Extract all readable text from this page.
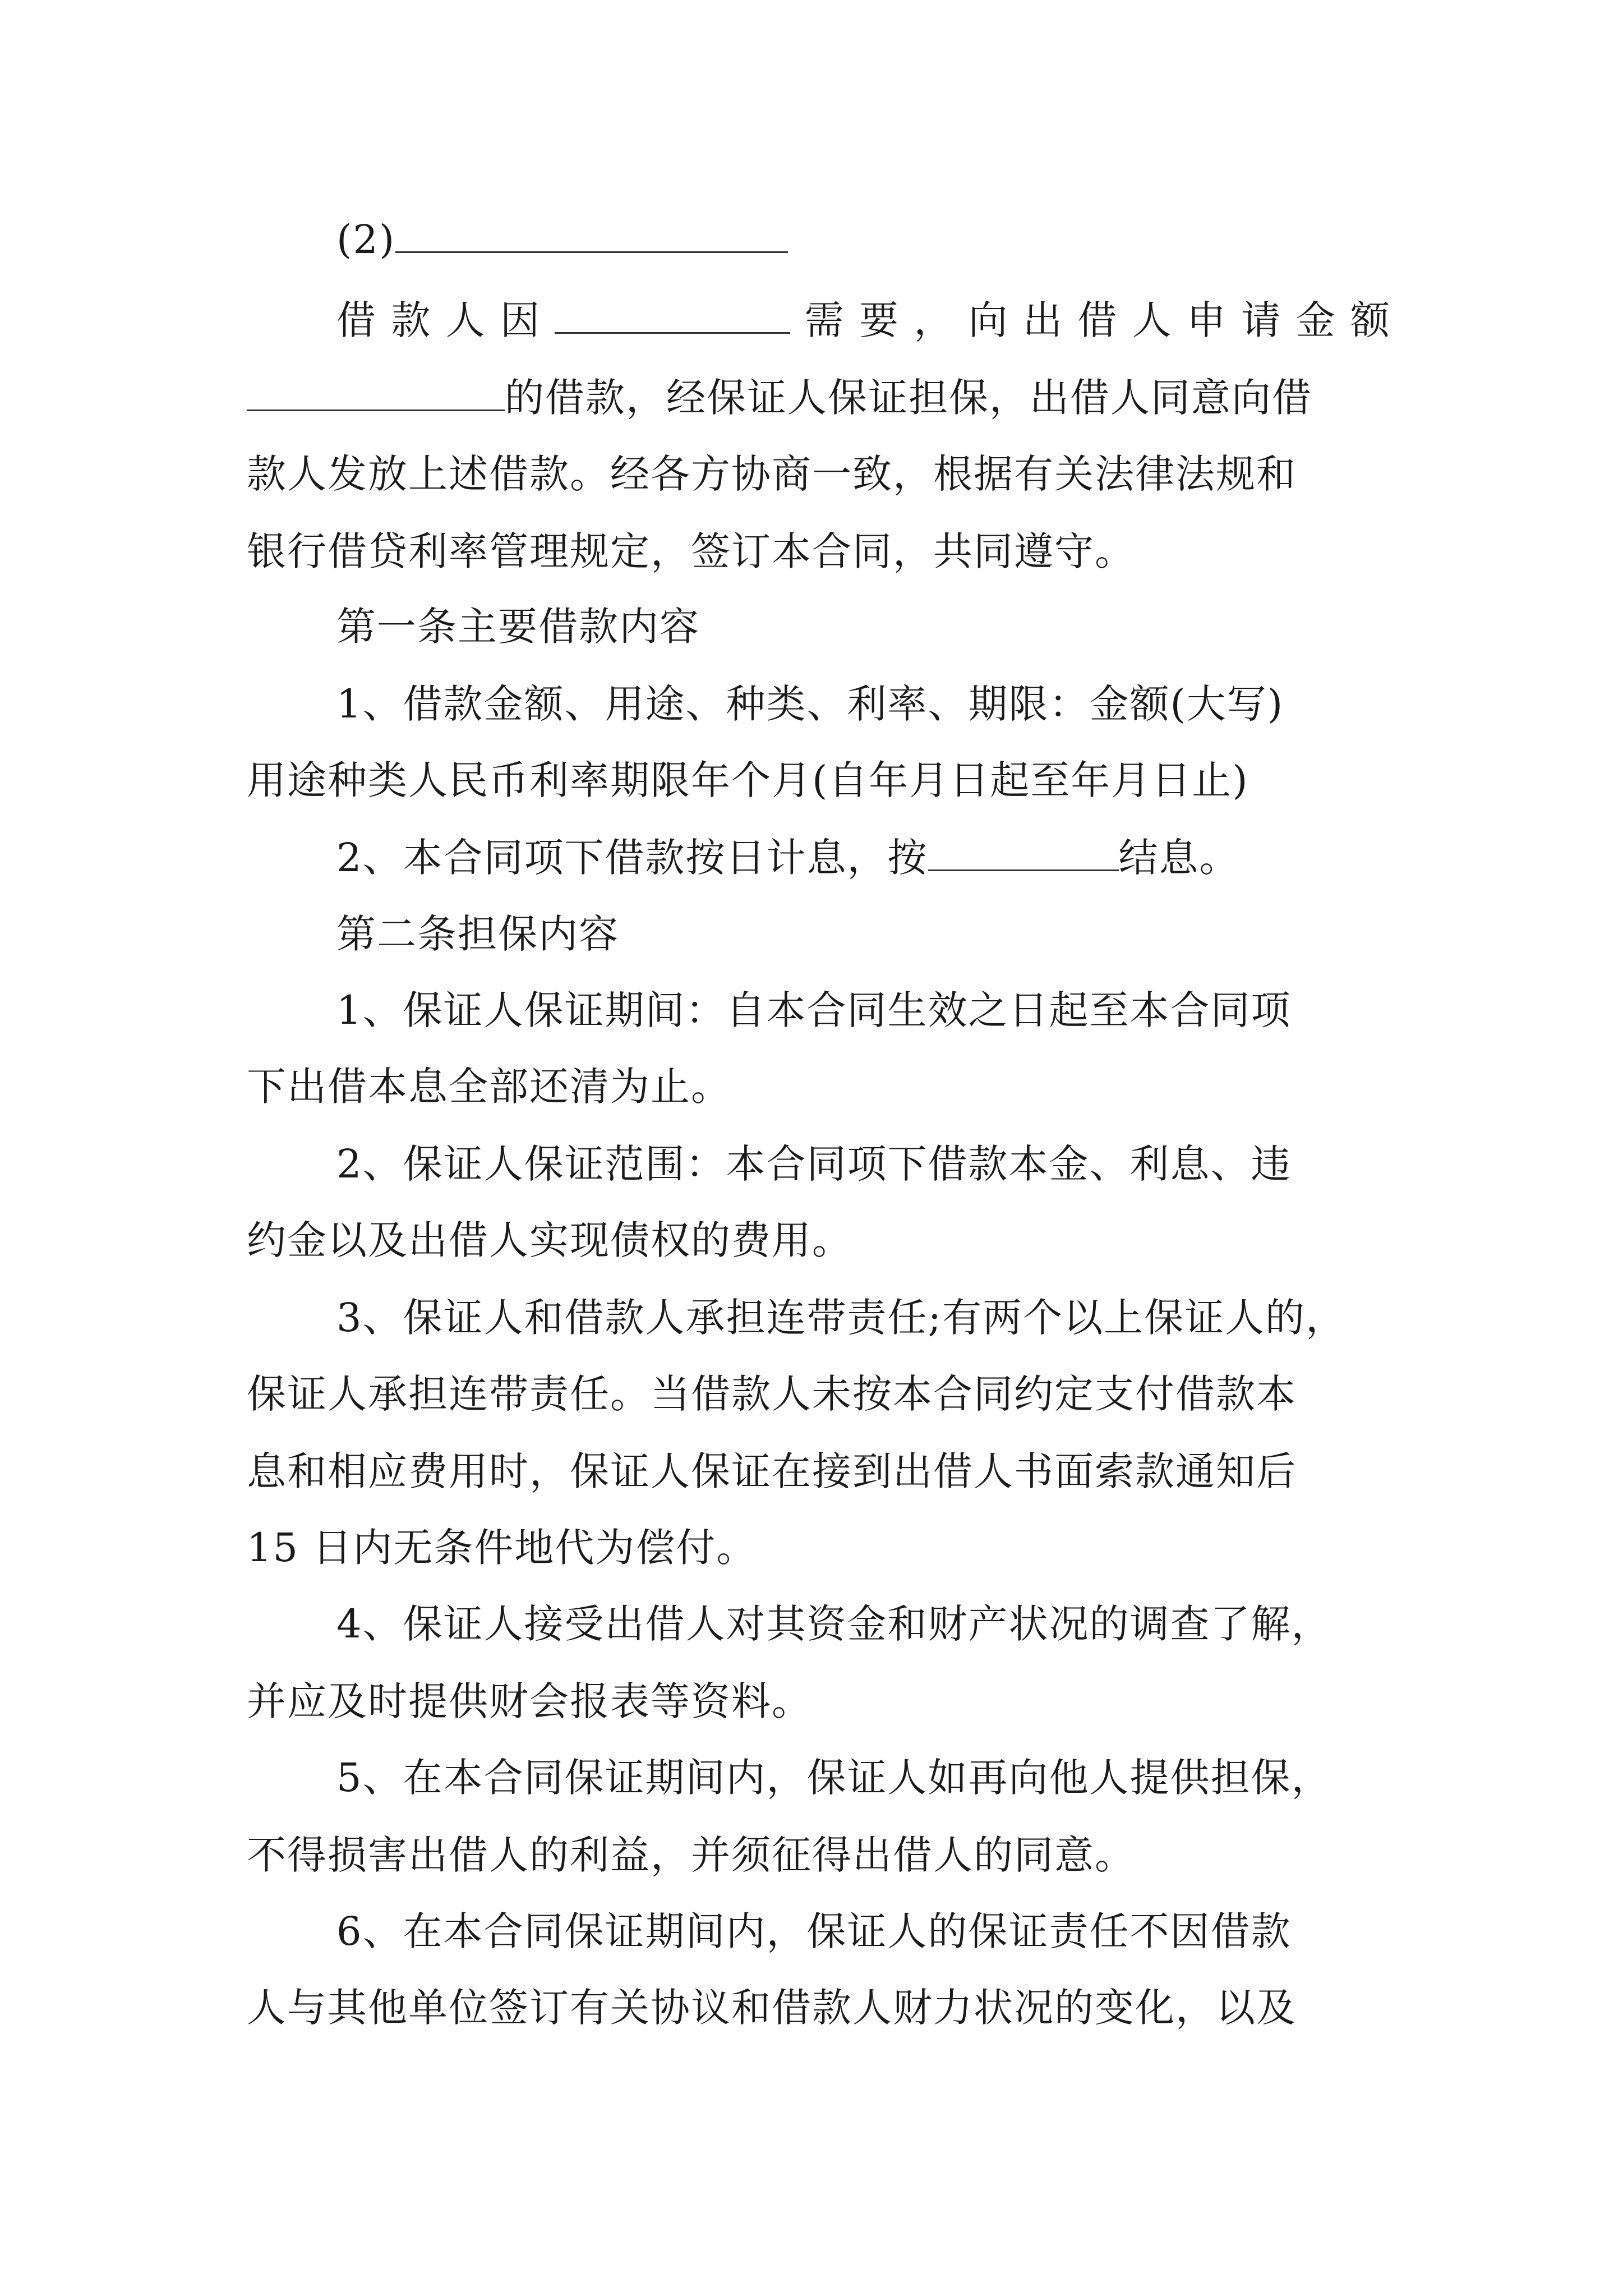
(2)
借款人因	需要，向出借人申请金额
的借款，经保证人保证担保，出借人同意向借
款人发放上述借款。经各方协商一致，根据有关法律法规和
银行借贷利率管理规定，签订本合同，共同遵守。
第一条主要借款内容
1、借款金额、用途、种类、利率、期限：金额(大写)
用途种类人民币利率期限年个月(自年月日起至年月日止)
2、本合同项下借款按日计息，按	结息。
第二条担保内容
1、保证人保证期间：自本合同生效之日起至本合同项
下出借本息全部还清为止。
2、保证人保证范围：本合同项下借款本金、利息、违
约金以及出借人实现债权的费用。
3、保证人和借款人承担连带责任;有两个以上保证人的，
保证人承担连带责任。当借款人未按本合同约定支付借款本
息和相应费用时，保证人保证在接到出借人书面索款通知后
15 日内无条件地代为偿付。
4、保证人接受出借人对其资金和财产状况的调查了解，
并应及时提供财会报表等资料。
5、在本合同保证期间内，保证人如再向他人提供担保，
不得损害出借人的利益，并须征得出借人的同意。
6、在本合同保证期间内，保证人的保证责任不因借款
人与其他单位签订有关协议和借款人财力状况的变化，以及
